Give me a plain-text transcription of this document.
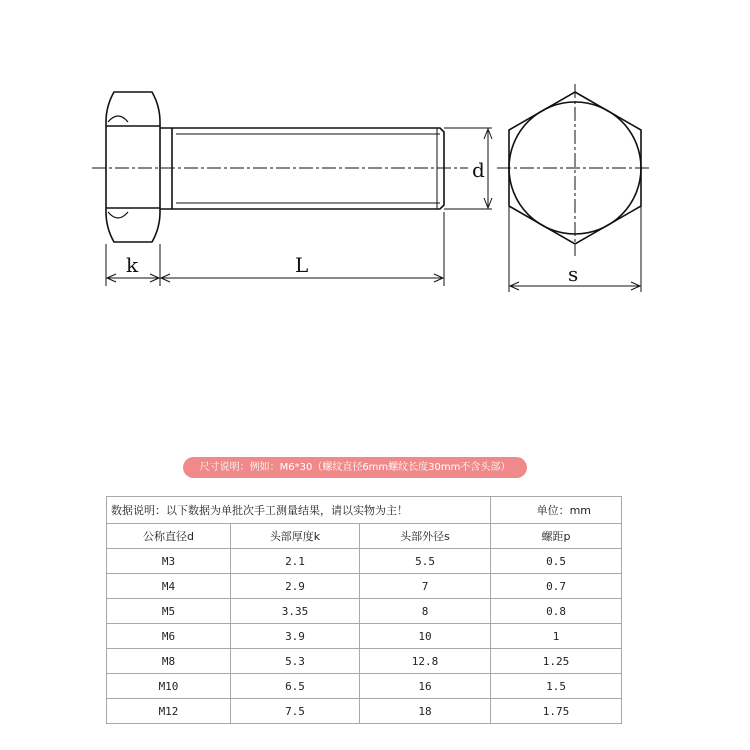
k	L
d
s
尺寸说明：例如：M6*30（螺纹直径6mm螺纹长度30mm不含头部）
数据说明：以下数据为单批次手工测量结果，请以实物为主！			单位：mm
公称直径d	头部厚度k	头部外径s	螺距p
M3	2.1	5.5	0.5
M4	2.9	7	0.7
M5	3.35	8	0.8
M6	3.9	10	1
M8	5.3	12.8	1.25
M10	6.5	16	1.5
M12	7.5	18	1.75
